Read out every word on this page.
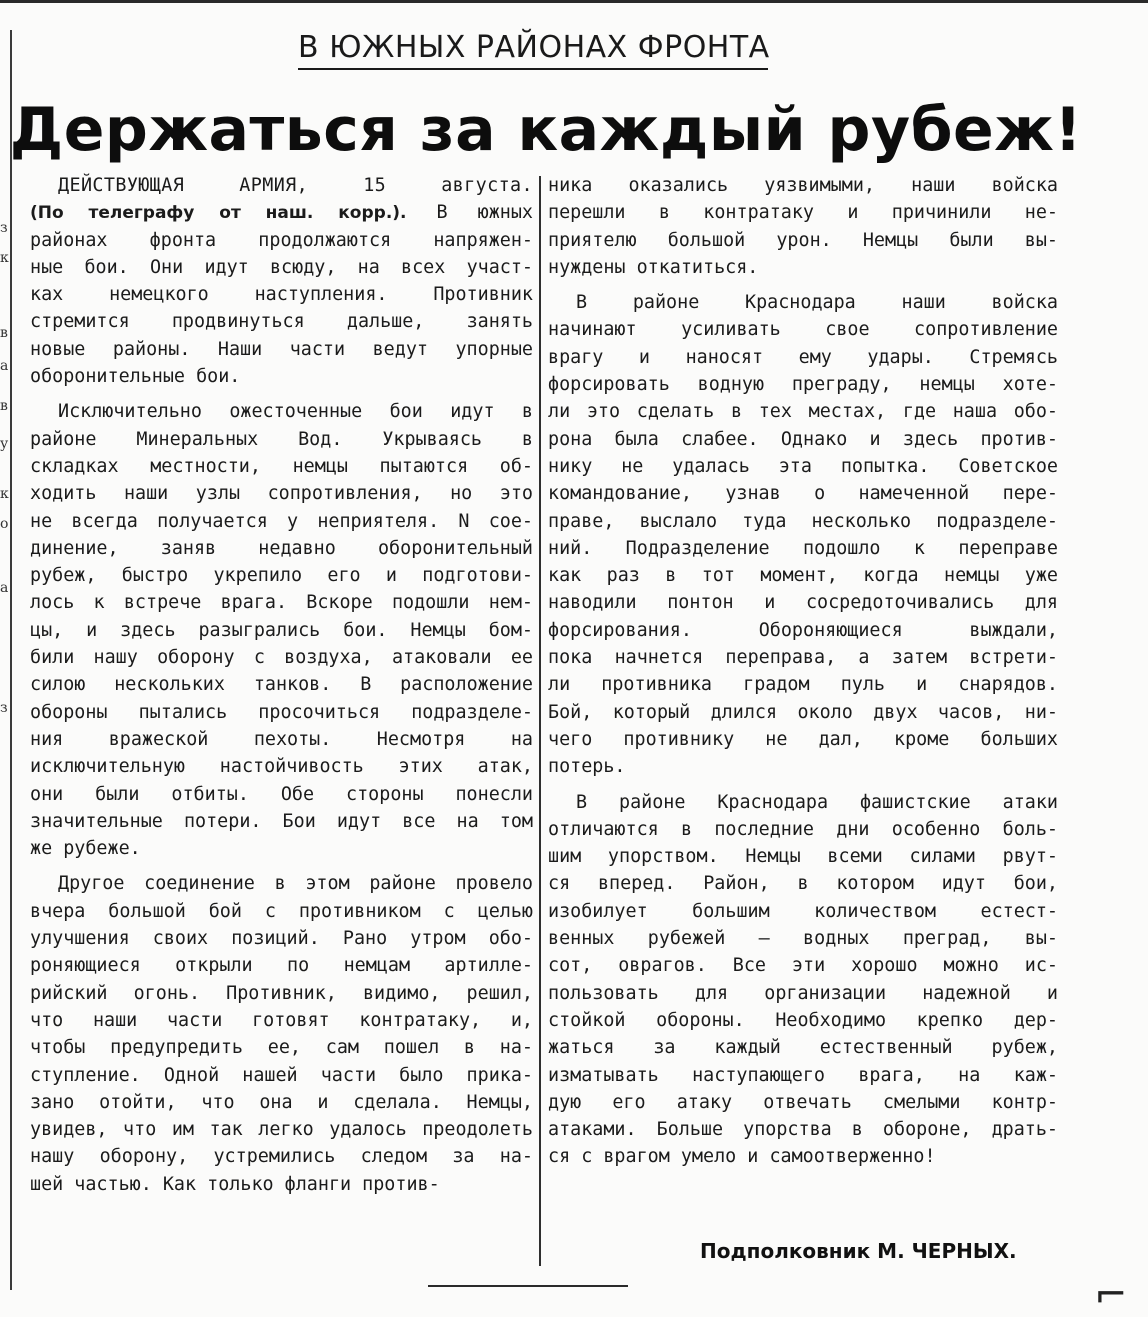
з
к
в
а
в
у
к
о
а
з
В ЮЖНЫХ РАЙОНАХ ФРОНТА
Держаться за каждый рубеж!
ДЕЙСТВУЮЩАЯ АРМИЯ, 15 августа.
(По телеграфу от наш. корр.). В южных
районах фронта продолжаются напряжен-
ные бои. Они идут всюду, на всех участ-
ках немецкого наступления. Противник
стремится продвинуться дальше, занять
новые районы. Наши части ведут упорные
оборонительные бои.
Исключительно ожесточенные бои идут в
районе Минеральных Вод. Укрываясь в
складках местности, немцы пытаются об-
ходить наши узлы сопротивления, но это
не всегда получается у неприятеля. N сое-
динение, заняв недавно оборонительный
рубеж, быстро укрепило его и подготови-
лось к встрече врага. Вскоре подошли нем-
цы, и здесь разыгрались бои. Немцы бом-
били нашу оборону с воздуха, атаковали ее
силою нескольких танков. В расположение
обороны пытались просочиться подразделе-
ния вражеской пехоты. Несмотря на
исключительную настойчивость этих атак,
они были отбиты. Обе стороны понесли
значительные потери. Бои идут все на том
же рубеже.
Другое соединение в этом районе провело
вчера большой бой с противником с целью
улучшения своих позиций. Рано утром обо-
роняющиеся открыли по немцам артилле-
рийский огонь. Противник, видимо, решил,
что наши части готовят контратаку, и,
чтобы предупредить ее, сам пошел в на-
ступление. Одной нашей части было прика-
зано отойти, что она и сделала. Немцы,
увидев, что им так легко удалось преодолеть
нашу оборону, устремились следом за на-
шей частью. Как только фланги против-
ника оказались уязвимыми, наши войска
перешли в контратаку и причинили не-
приятелю большой урон. Немцы были вы-
нуждены откатиться.
В районе Краснодара наши войска
начинают усиливать свое сопротивление
врагу и наносят ему удары. Стремясь
форсировать водную преграду, немцы хоте-
ли это сделать в тех местах, где наша обо-
рона была слабее. Однако и здесь против-
нику не удалась эта попытка. Советское
командование, узнав о намеченной пере-
праве, выслало туда несколько подразделе-
ний. Подразделение подошло к переправе
как раз в тот момент, когда немцы уже
наводили понтон и сосредоточивались для
форсирования. Обороняющиеся выждали,
пока начнется переправа, а затем встрети-
ли противника градом пуль и снарядов.
Бой, который длился около двух часов, ни-
чего противнику не дал, кроме больших
потерь.
В районе Краснодара фашистские атаки
отличаются в последние дни особенно боль-
шим упорством. Немцы всеми силами рвут-
ся вперед. Район, в котором идут бои,
изобилует большим количеством естест-
венных рубежей — водных преград, вы-
сот, оврагов. Все эти хорошо можно ис-
пользовать для организации надежной и
стойкой обороны. Необходимо крепко дер-
жаться за каждый естественный рубеж,
изматывать наступающего врага, на каж-
дую его атаку отвечать смелыми контр-
атаками. Больше упорства в обороне, драть-
ся с врагом умело и самоотверженно!
Подполковник М. ЧЕРНЫХ.
⌐
